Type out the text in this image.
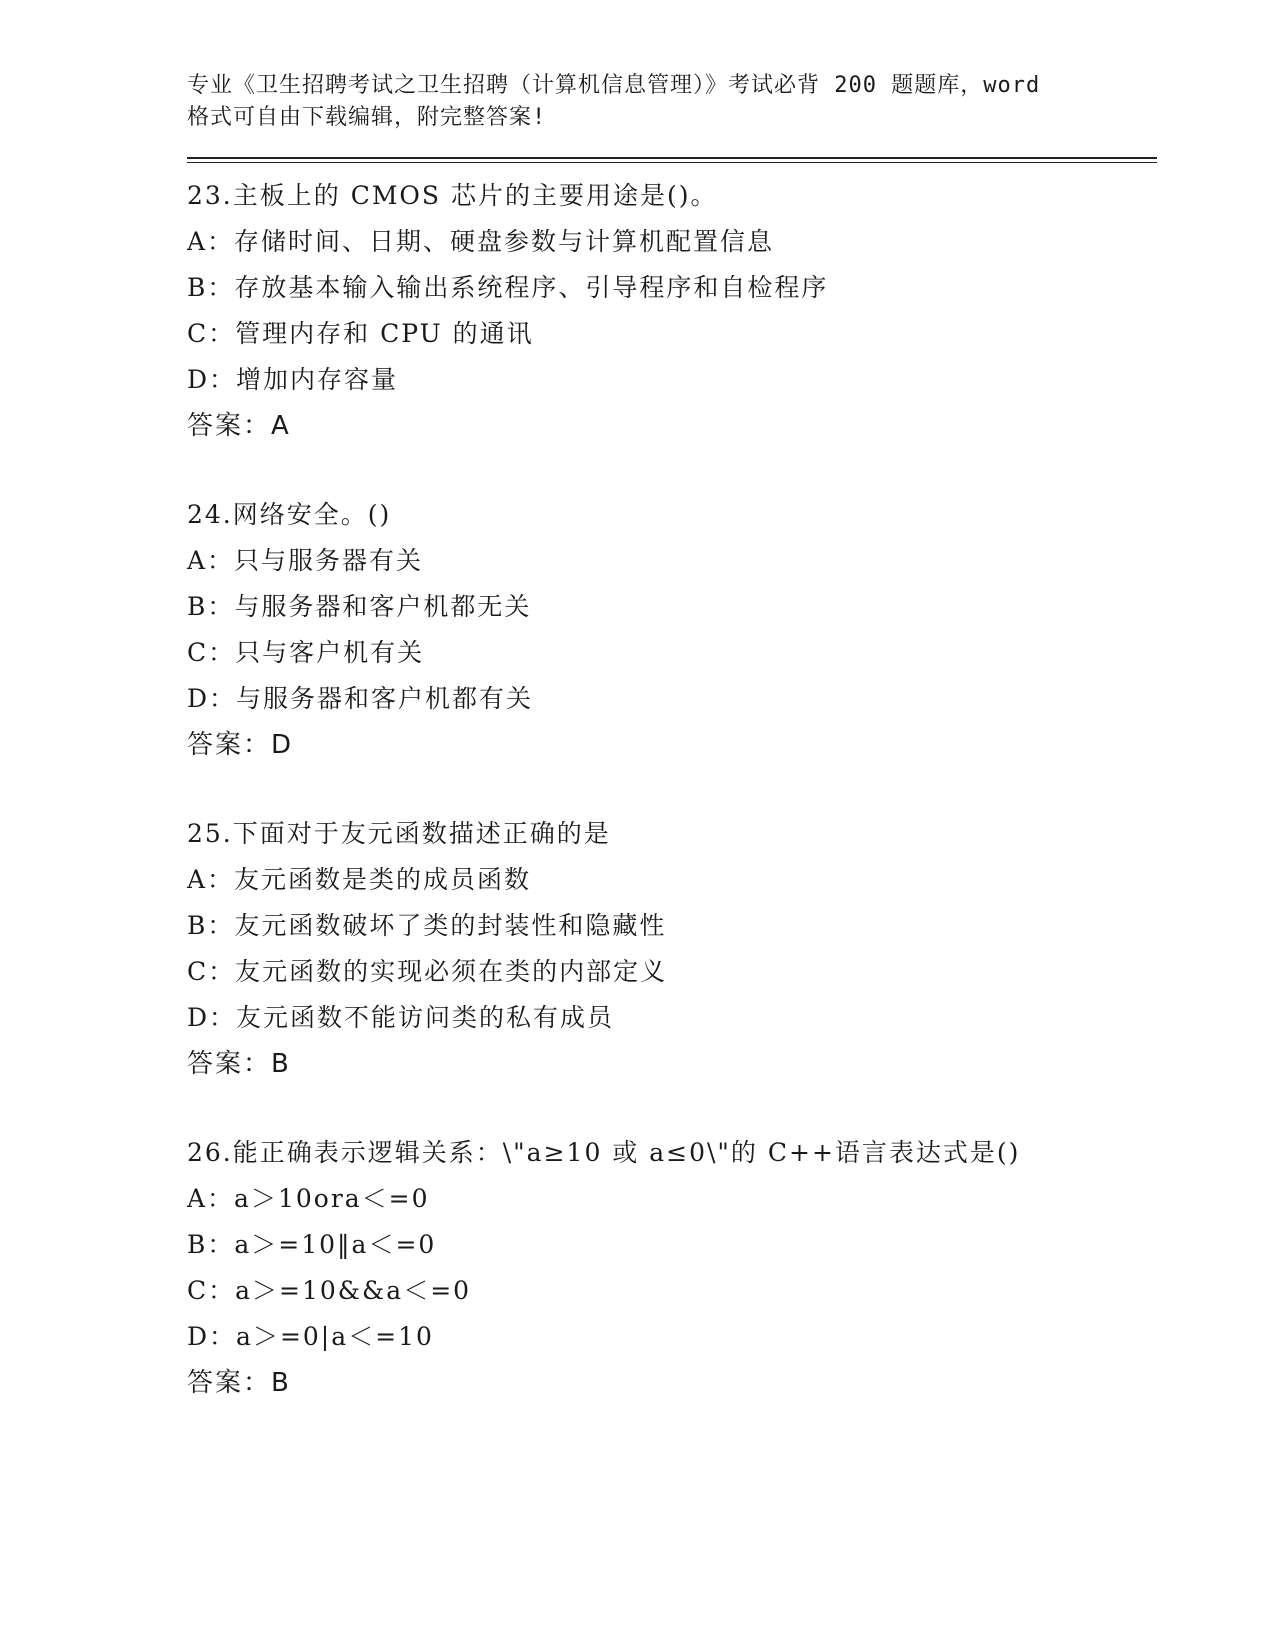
专业《卫生招聘考试之卫生招聘（计算机信息管理）》考试必背 200 题题库，word
格式可自由下载编辑，附完整答案!
23.主板上的 CMOS 芯片的主要用途是()。
A：存储时间、日期、硬盘参数与计算机配置信息
B：存放基本输入输出系统程序、引导程序和自检程序
C：管理内存和 CPU 的通讯
D：增加内存容量
答案：A
24.网络安全。()
A：只与服务器有关
B：与服务器和客户机都无关
C：只与客户机有关
D：与服务器和客户机都有关
答案：D
25.下面对于友元函数描述正确的是
A：友元函数是类的成员函数
B：友元函数破坏了类的封装性和隐藏性
C：友元函数的实现必须在类的内部定义
D：友元函数不能访问类的私有成员
答案：B
26.能正确表示逻辑关系：\"a≥10 或 a≤0\"的 C++语言表达式是()
A：a＞10ora＜=0
B：a＞=10‖a＜=0
C：a＞=10&&a＜=0
D：a＞=0|a＜=10
答案：B
